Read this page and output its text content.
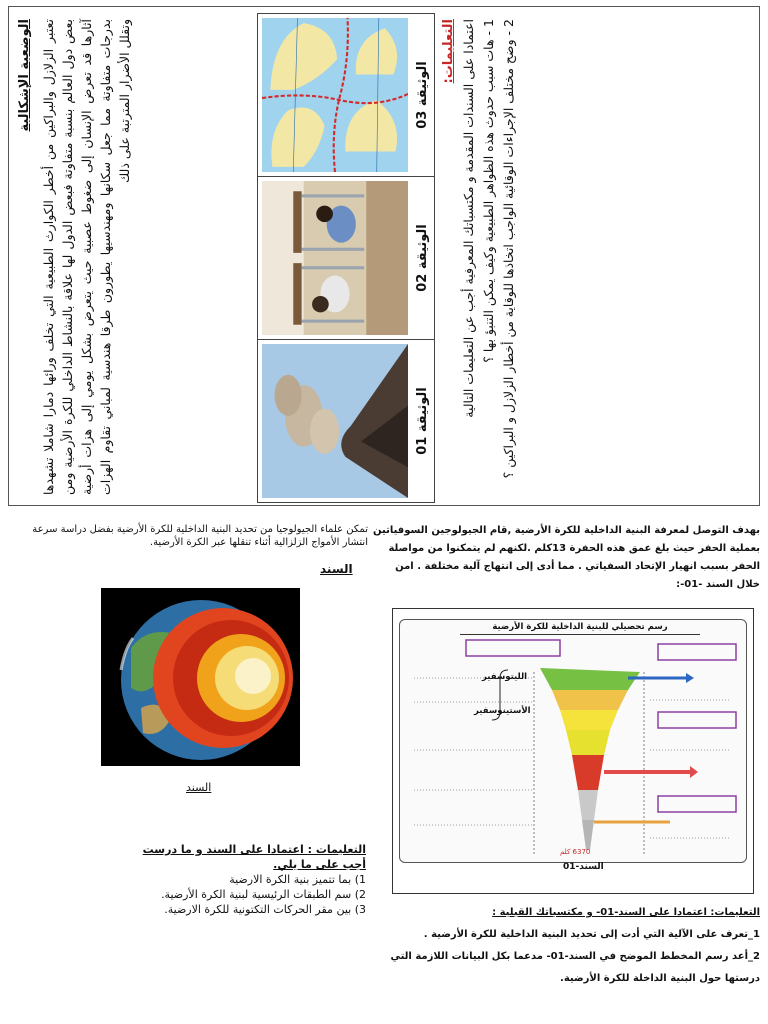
الوضعية الإشكالية تعتبر الزلازل والبراكين من أخطر الكوارث الطبيعية التي تخلف ورائها دمارا شاملا تشهدها بعض دول العالم بنسبة متفاوتة فبعض الدول لها علاقة بالنشاط الداخلي للكرة الأرضية ومن آثارها قد تعرض الإنسان إلى ضغوط عصبية حيث يتعرض بشكل يومي إلى هزات أرضية بدرجات متفاوتة مما جعل سكانها ومهندسيها يطورون طرقا هندسية لمباني تقاوم الهزات وتقلل الأضرار المترتبة على ذلك	الوثيقة 03
الوثيقة 02
الوثيقة 01
التعليمات: اعتمادا على السندات المقدمة و مكتسباتك المعرفية أجب عن التعليمات التالية 1 - هات سبب حدوث هذه الظواهر الطبيعية وكيف يمكن التنبؤ بها ؟
2 - وضح مختلف الإجراءات الوقائية الواجب اتخاذها للوقاية من أخطار الزلازل و البراكين ؟
تمكن علماء الجيولوجيا من تحديد البنية الداخلية للكرة الأرضية بفضل دراسة سرعة انتشار الأمواج الزلزالية أثناء تنقلها عبر الكرة الأرضية.
السند
السند
التعليمات : اعتمادا على السند و ما درست أجب على ما يلي.
1) بما تتميز بنية الكرة الارضية
2) سم الطبقات الرئيسية لبنية الكرة الأرضية.
3) بين مقر الحركات التكتونية للكرة الارضية.
بهدف التوصل لمعرفة البنية الداخلية للكرة الأرضية ,قام الجيولوجين السوفياتين بعملية الحفر حيث بلغ عمق هذه الحفرة 13كلم .لكنهم لم يتمكنوا من مواصلة الحفر بسبب انهيار الإتحاد السفياتي . مما أدى إلى انتهاج آلية مختلفة . امن خلال السند -01-:
رسم تحصيلي للبنية الداخلية للكرة الأرضية
الليتوسفير
الأستينوسفير
6370 كلم
السند-01
التعليمات: اعتمادا على السند-01- و مكتسباتك القبلية :
1_تعرف على الآلية التي أدت إلى تحديد البنية الداخلية للكرة الأرضية .
2_أعد رسم المخطط الموضح في السند-01- مدعما بكل البيانات اللازمة التي درستها حول البنية الداخلة للكرة الأرضية.
